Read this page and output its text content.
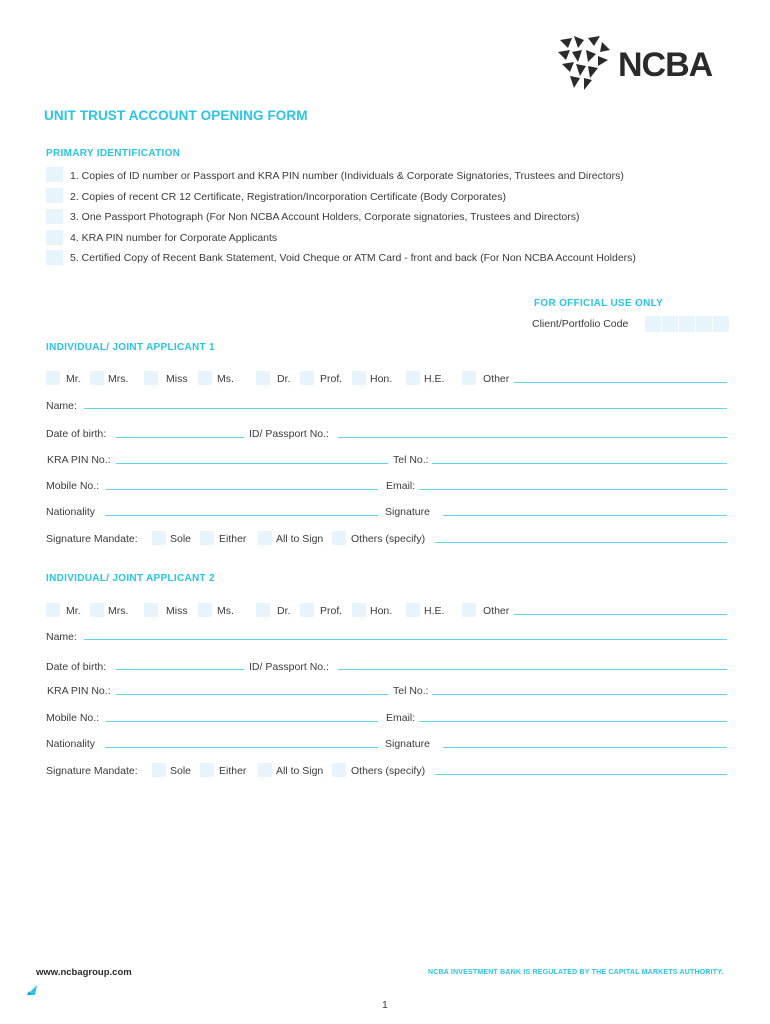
NCBA
UNIT TRUST ACCOUNT OPENING FORM
PRIMARY IDENTIFICATION
1. Copies of ID number or Passport and KRA PIN number (Individuals & Corporate Signatories, Trustees and Directors)
2. Copies of recent CR 12 Certificate, Registration/Incorporation Certificate (Body Corporates)
3. One Passport Photograph (For Non NCBA Account Holders, Corporate signatories, Trustees and Directors)
4. KRA PIN number for Corporate Applicants
5. Certified Copy of Recent Bank Statement, Void Cheque or ATM Card - front and back (For Non NCBA Account Holders)
FOR OFFICIAL USE ONLY
Client/Portfolio Code
INDIVIDUAL/ JOINT APPLICANT 1
Mr.	Mrs.	Miss	Ms.	Dr.	Prof.	Hon.	H.E.	Other
Name:
Date of birth:	ID/ Passport No.:
KRA PIN No.:	Tel No.:
Mobile No.:	Email:
Nationality	Signature
Signature Mandate:	Sole	Either	All to Sign	Others (specify)
INDIVIDUAL/ JOINT APPLICANT 2
Mr.	Mrs.	Miss	Ms.	Dr.	Prof.	Hon.	H.E.	Other
Name:
Date of birth:	ID/ Passport No.:
KRA PIN No.:	Tel No.:
Mobile No.:	Email:
Nationality	Signature
Signature Mandate:	Sole	Either	All to Sign	Others (specify)
www.ncbagroup.com	NCBA INVESTMENT BANK IS REGULATED BY THE CAPITAL MARKETS AUTHORITY.
1
